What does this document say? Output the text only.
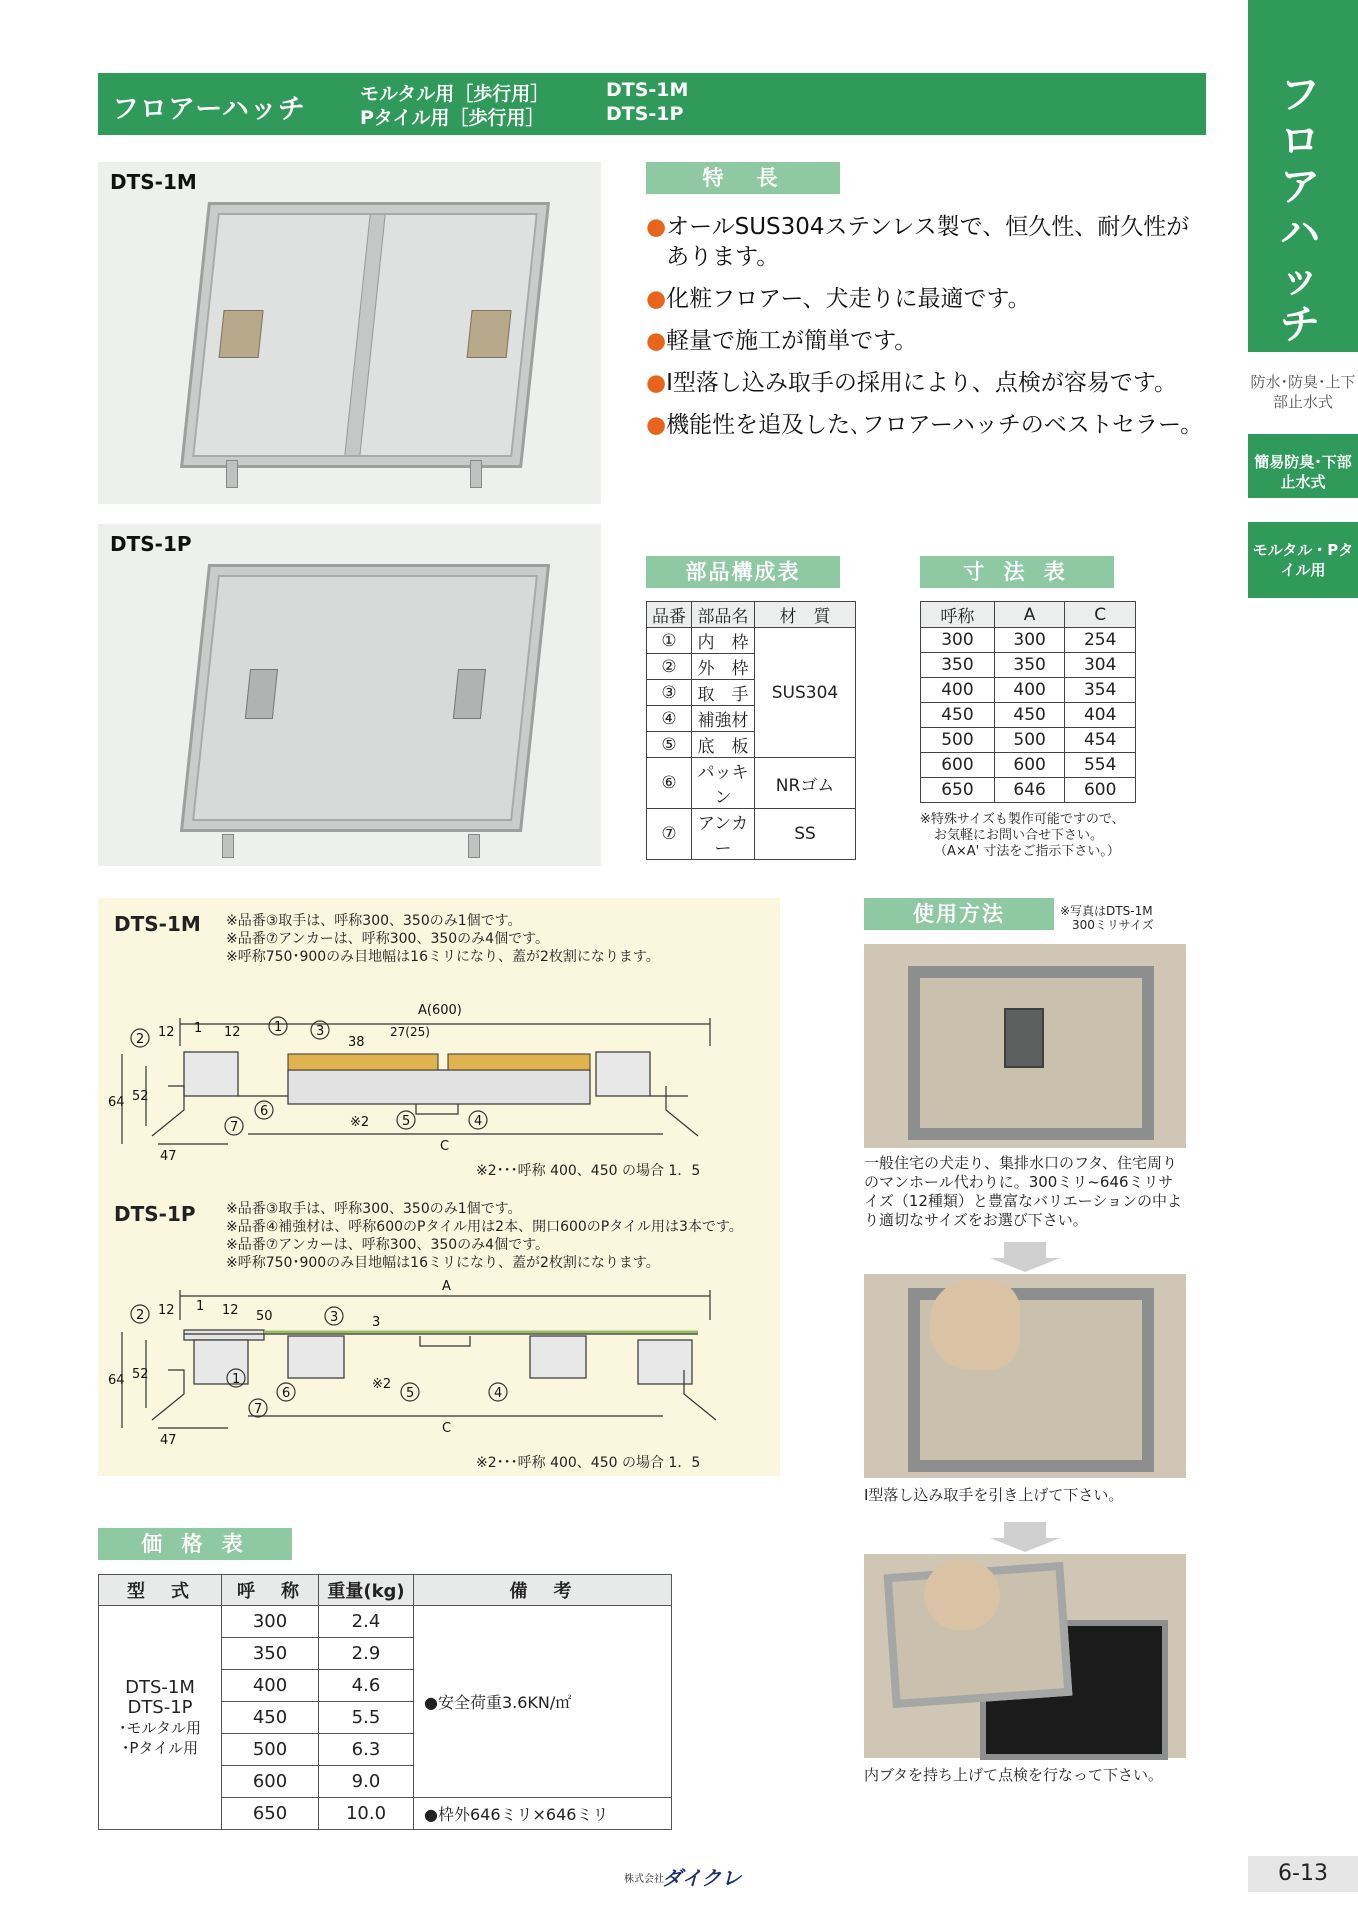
フロアーハッチ	モルタル用［歩行用］
Pタイル用［歩行用］
DTS-1M
DTS-1P	フロアハッチ
防水･防臭･上下部止水式
簡易防臭･下部止水式
モルタル・Pタイル用
DTS-1M
DTS-1P
特　長
● オールSUS304ステンレス製で、恒久性、耐久性があります。
● 化粧フロアー、犬走りに最適です。
● 軽量で施工が簡単です。
● I型落し込み取手の採用により、点検が容易です。
● 機能性を追及した､フロアーハッチのベストセラー。
部品構成表
品番	部品名	材　質
①	内　枠	SUS304
②	外　枠	
③	取　手	
④	補強材	
⑤	底　板	
⑥	パッキン	NRゴム
⑦	アンカー	SS
寸 法 表
呼称	A	C
300	300	254
350	350	304
400	400	354
450	450	404
500	500	454
600	600	554
650	646	600
※特殊サイズも製作可能ですので、
お気軽にお問い合せ下さい。
（A×A' 寸法をご指示下さい。）
DTS-1M ※品番③取手は、呼称300、350のみ1個です。
※品番⑦アンカーは、呼称300、350のみ4個です。
※呼称750･900のみ目地幅は16ミリになり、蓋が2枚割になります。
2 12 1 12	1	3
38
27(25)
64 52
6
7
47
※2	5	4
A(600)
C
※2･･･呼称 400、450 の場合 1．5
DTS-1P ※品番③取手は、呼称300、350のみ1個です。
※品番④補強材は、呼称600のPタイル用は2本、開口600のPタイル用は3本です。
※品番⑦アンカーは、呼称300、350のみ4個です。
※呼称750･900のみ目地幅は16ミリになり、蓋が2枚割になります。
2 12 1 12 50	3	3
64 52	1
6
7
47
※2
5	4
A
C
※2･･･呼称 400、450 の場合 1．5
価 格 表
型　式	呼　称	重量(kg)	備　考

DTS-1M
DTS-1P
･モルタル用
･Pタイル用	300	2.4	●安全荷重3.6KN/㎡
	350	2.9	
	400	4.6	
	450	5.5	
	500	6.3	
	600	9.0	
	650	10.0	●枠外646ミリ×646ミリ
使用方法	※写真はDTS-1M
300ミリサイズ
一般住宅の犬走り、集排水口のフタ、住宅周りのマンホール代わりに。300ミリ~646ミリサイズ（12種類）と豊富なバリエーションの中より適切なサイズをお選び下さい。
I型落し込み取手を引き上げて下さい。
内ブタを持ち上げて点検を行なって下さい。
株式会社
ダイクレ	6-13
